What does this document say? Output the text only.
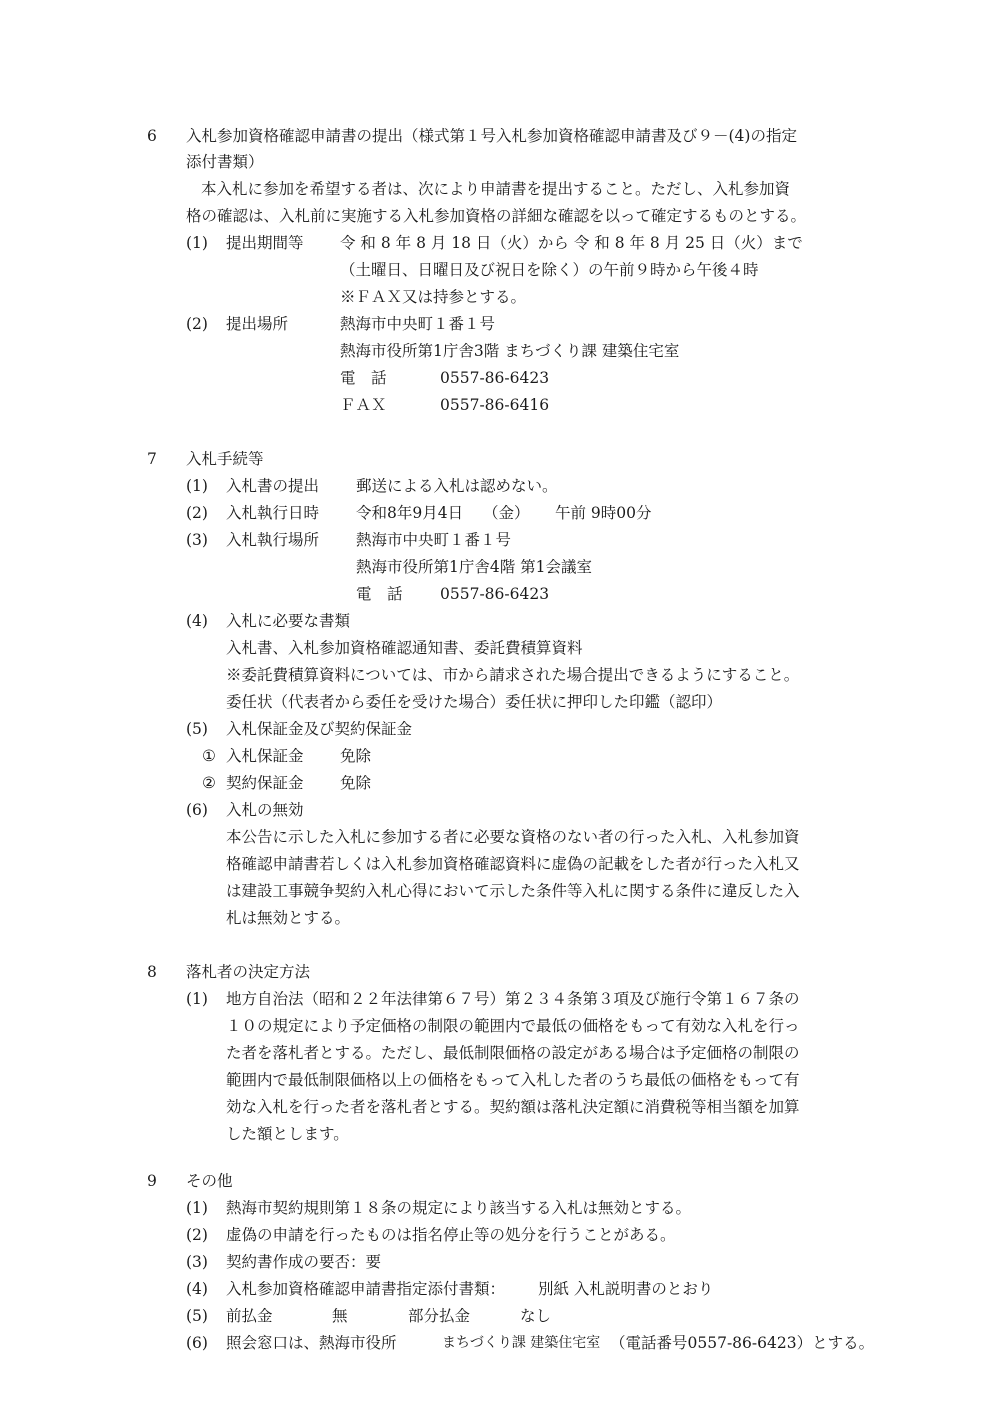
6 入札参加資格確認申請書の提出（様式第１号入札参加資格確認申請書及び９－(4)の指定
添付書類）
本入札に参加を希望する者は、次により申請書を提出すること。ただし、入札参加資
格の確認は、入札前に実施する入札参加資格の詳細な確認を以って確定するものとする。
(1) 提出期間等 令 和 8 年 8 月 18 日（火）から 令 和 8 年 8 月 25 日（火）まで
（土曜日、日曜日及び祝日を除く）の午前９時から午後４時
※ＦＡＸ又は持参とする。
(2) 提出場所	熱海市中央町１番１号
熱海市役所第1庁舎3階 まちづくり課 建築住宅室
電　話	0557-86-6423
ＦＡＸ	0557-86-6416
7 入札手続等
(1) 入札書の提出 郵送による入札は認めない。
(2) 入札執行日時 令和8年9月4日 （金） 午前 9時00分
(3) 入札執行場所 熱海市中央町１番１号
熱海市役所第1庁舎4階 第1会議室
電　話 0557-86-6423
(4) 入札に必要な書類
入札書、入札参加資格確認通知書、委託費積算資料
※委託費積算資料については、市から請求された場合提出できるようにすること。
委任状（代表者から委任を受けた場合）委任状に押印した印鑑（認印）
(5) 入札保証金及び契約保証金
① 入札保証金 免除
② 契約保証金 免除
(6) 入札の無効
本公告に示した入札に参加する者に必要な資格のない者の行った入札、入札参加資
格確認申請書若しくは入札参加資格確認資料に虚偽の記載をした者が行った入札又
は建設工事競争契約入札心得において示した条件等入札に関する条件に違反した入
札は無効とする。
8 落札者の決定方法
(1) 地方自治法（昭和２２年法律第６７号）第２３４条第３項及び施行令第１６７条の
１０の規定により予定価格の制限の範囲内で最低の価格をもって有効な入札を行っ
た者を落札者とする。ただし、最低制限価格の設定がある場合は予定価格の制限の
範囲内で最低制限価格以上の価格をもって入札した者のうち最低の価格をもって有
効な入札を行った者を落札者とする。契約額は落札決定額に消費税等相当額を加算
した額とします。
9 その他
(1) 熱海市契約規則第１８条の規定により該当する入札は無効とする。
(2) 虚偽の申請を行ったものは指名停止等の処分を行うことがある。
(3) 契約書作成の要否：要
(4) 入札参加資格確認申請書指定添付書類： 別紙 入札説明書のとおり
(5) 前払金	無	部分払金	なし
(6) 照会窓口は、熱海市役所	まちづくり課 建築住宅室 （電話番号0557-86-6423）とする。
